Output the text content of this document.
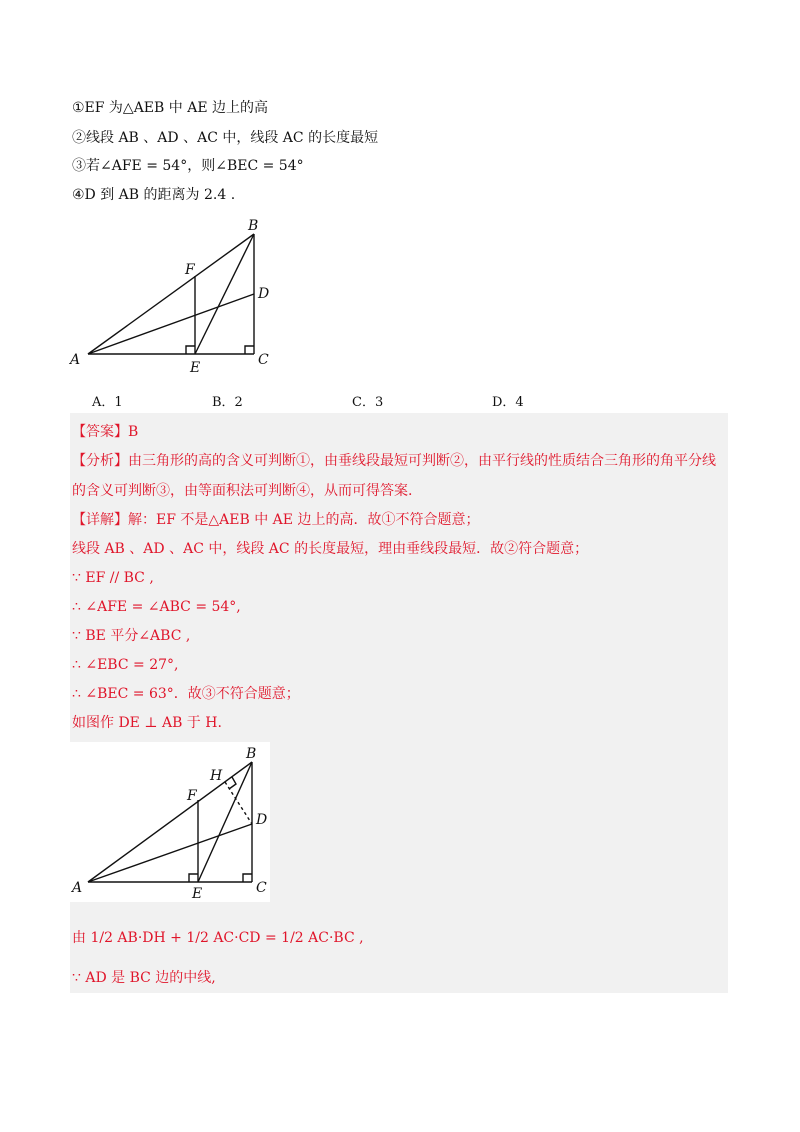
①EF 为△AEB 中 AE 边上的高
②线段 AB 、AD 、AC 中，线段 AC 的长度最短
③若∠AFE = 54°，则∠BEC = 54°
④D 到 AB 的距离为 2.4 .
A
B
C
D
E
F
A．1	B．2	C．3	D．4
【答案】B
【分析】由三角形的高的含义可判断①，由垂线段最短可判断②，由平行线的性质结合三角形的角平分线
的含义可判断③，由等面积法可判断④，从而可得答案.
【详解】解：EF 不是△AEB 中 AE 边上的高．故①不符合题意；
线段 AB 、AD 、AC 中，线段 AC 的长度最短，理由垂线段最短．故②符合题意；
∵ EF // BC ,
∴ ∠AFE = ∠ABC = 54°,
∵ BE 平分∠ABC ,
∴ ∠EBC = 27°,
∴ ∠BEC = 63°．故③不符合题意；
如图作 DE ⊥ AB 于 H.
A
B
C
D
E
F
H
由 1/2 AB·DH + 1/2 AC·CD = 1/2 AC·BC ,
∵ AD 是 BC 边的中线,
